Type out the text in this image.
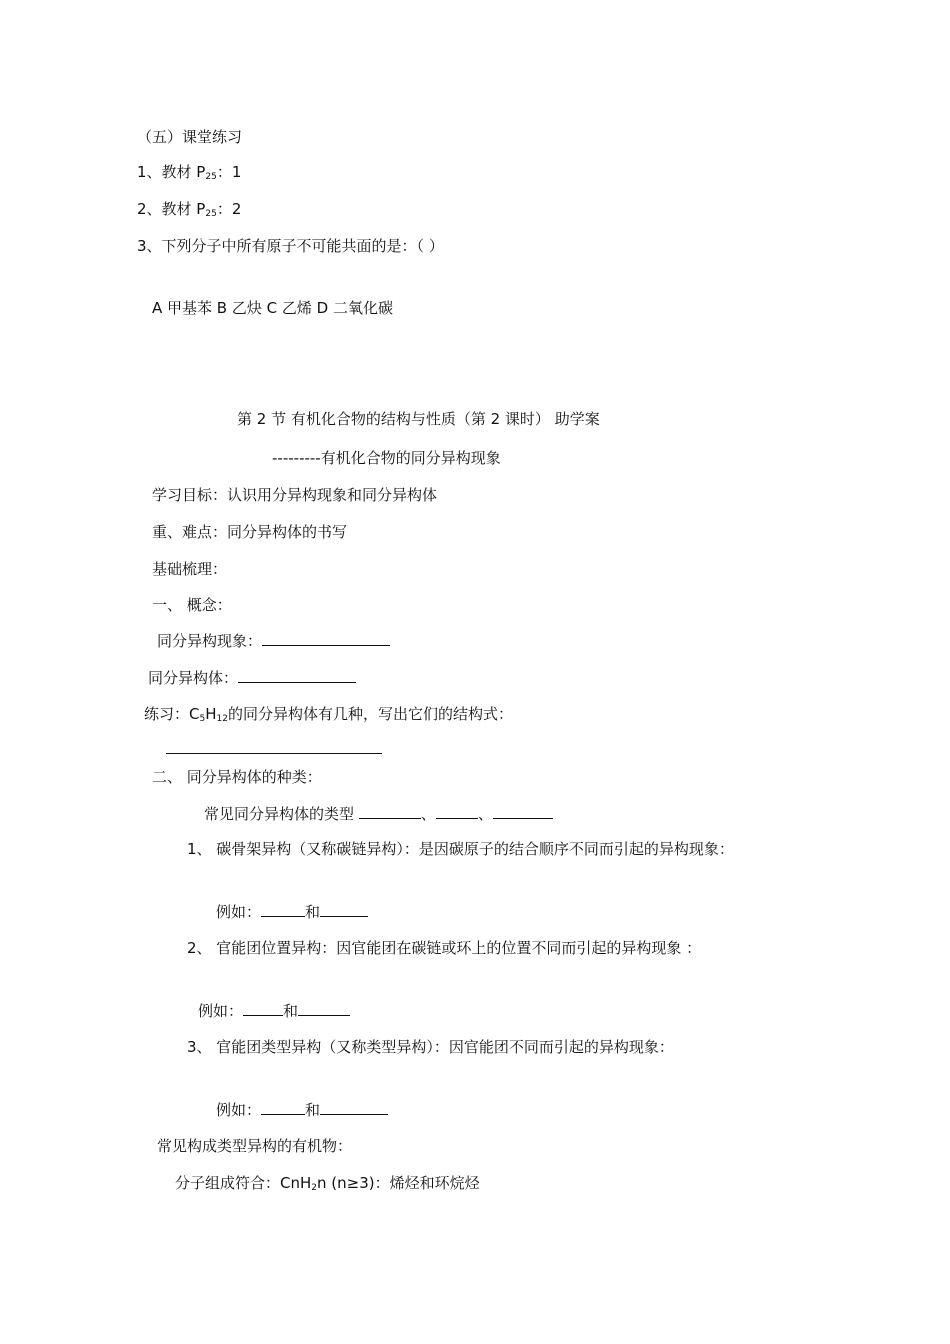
（五）课堂练习
1、教材 $P_{25}$：1
2、教材 $P_{25}$：2
3、下列分子中所有原子不可能共面的是：（ ）
A 甲基苯 B 乙炔 C 乙烯 D 二氧化碳
第 2 节 有机化合物的结构与性质（第 2 课时） 助学案
---------有机化合物的同分异构现象
学习目标：认识用分异构现象和同分异构体
重、难点：同分异构体的书写
基础梳理：
一、 概念：
同分异构现象：
同分异构体：
练习：$C_5H_{12}$的同分异构体有几种，写出它们的结构式：
二、 同分异构体的种类：
常见同分异构体的类型	、	、
1、 碳骨架异构（又称碳链异构）：是因碳原子的结合顺序不同而引起的异构现象：
例如：	和
2、 官能团位置异构：因官能团在碳链或环上的位置不同而引起的异构现象 ：
例如：	和
3、 官能团类型异构（又称类型异构）：因官能团不同而引起的异构现象：
例如：	和
常见构成类型异构的有机物：
分子组成符合：CnH$_2$n (n≥3)：烯烃和环烷烃
